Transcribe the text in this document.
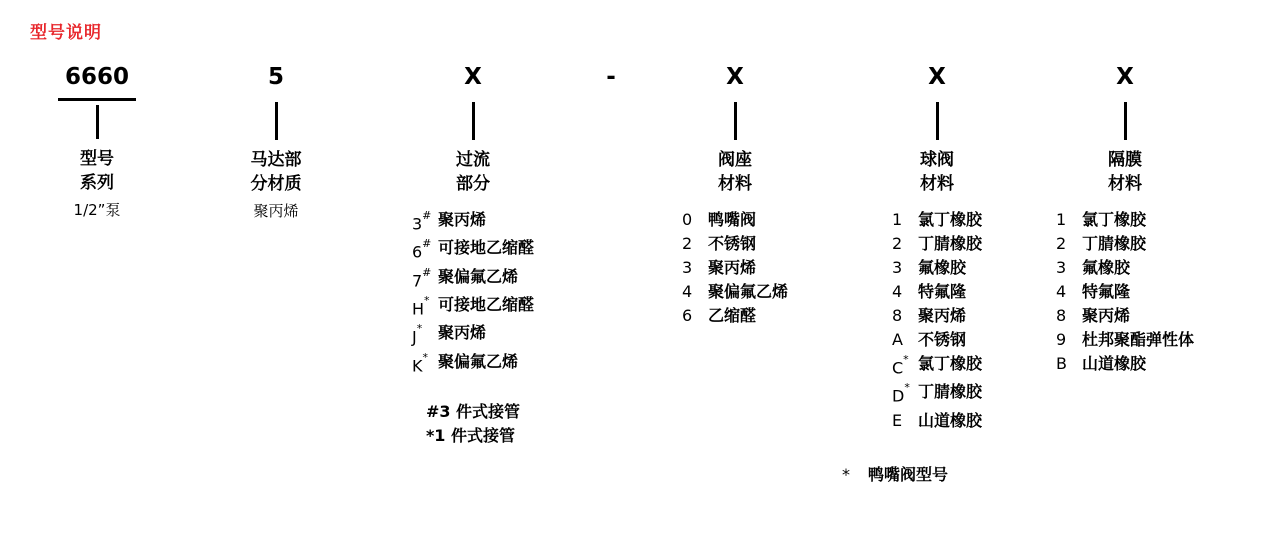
型号说明
6660
型号
系列
1/2”泵
5
马达部
分材质
聚丙烯
X
过流
部分
3# 聚丙烯
6# 可接地乙缩醛
7# 聚偏氟乙烯
H* 可接地乙缩醛
J* 聚丙烯
K* 聚偏氟乙烯
#3 件式接管
*1 件式接管
-	X
阀座
材料
0 鸭嘴阀
2 不锈钢
3 聚丙烯
4 聚偏氟乙烯
6 乙缩醛
X
球阀
材料
1 氯丁橡胶
2 丁腈橡胶
3 氟橡胶
4 特氟隆
8 聚丙烯
A 不锈钢
C* 氯丁橡胶
D* 丁腈橡胶
E 山道橡胶
*	鸭嘴阀型号
X
隔膜
材料
1 氯丁橡胶
2 丁腈橡胶
3 氟橡胶
4 特氟隆
8 聚丙烯
9 杜邦聚酯弹性体
B 山道橡胶
